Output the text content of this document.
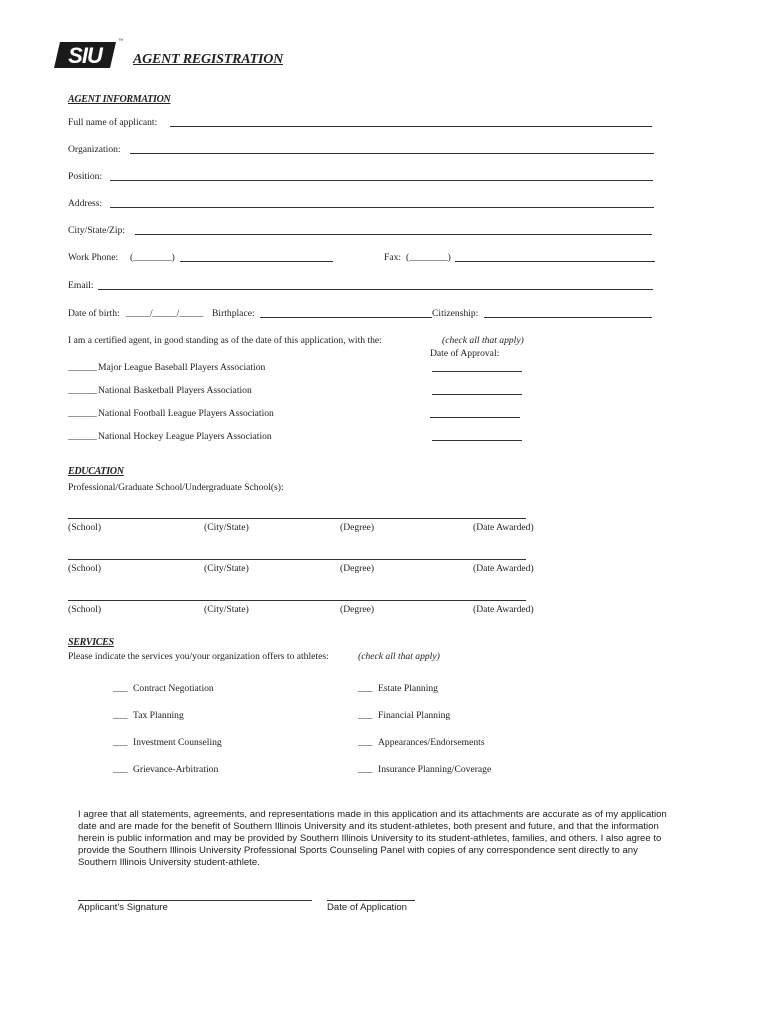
SIU
™
AGENT REGISTRATION
AGENT INFORMATION
Full name of applicant:
Organization:
Position:
Address:
City/State/Zip:
Work Phone: (________)	Fax: (________)
Email:
Date of birth: _____/_____/_____ Birthplace:	Citizenship:
I am a certified agent, in good standing as of the date of this application, with the:	(check all that apply)
Date of Approval:
______ Major League Baseball Players Association
______ National Basketball Players Association
______ National Football League Players Association
______ National Hockey League Players Association
EDUCATION
Professional/Graduate School/Undergraduate School(s):
(School)	(City/State)	(Degree)	(Date Awarded)
(School)	(City/State)	(Degree)	(Date Awarded)
(School)	(City/State)	(Degree)	(Date Awarded)
SERVICES
Please indicate the services you/your organization offers to athletes:	(check all that apply)
___ Contract Negotiation	___ Estate Planning
___ Tax Planning	___ Financial Planning
___ Investment Counseling	___ Appearances/Endorsements
___ Grievance-Arbitration	___ Insurance Planning/Coverage
I agree that all statements, agreements, and representations made in this application and its attachments are accurate as of my application
date and are made for the benefit of Southern Illinois University and its student-athletes, both present and future, and that the information
herein is public information and may be provided by Southern Illinois University to its student-athletes, families, and others. I also agree to
provide the Southern Illinois University Professional Sports Counseling Panel with copies of any correspondence sent directly to any
Southern Illinois University student-athlete.
Applicant's Signature	Date of Application
